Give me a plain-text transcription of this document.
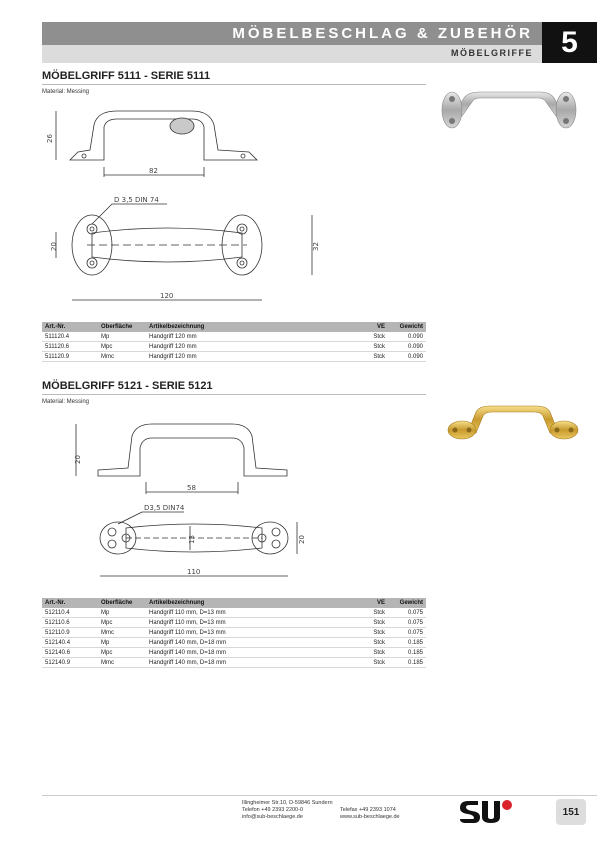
MÖBELBESCHLAG & ZUBEHÖR
MÖBELGRIFFE 5
MÖBELGRIFF 5111 - SERIE 5111
Material: Messing
26
82
D 3,5 DIN 74
20	32
120
Art.-Nr.	Oberfläche	Artikelbezeichnung	VE	Gewicht
511120.4	Mp	Handgriff 120 mm	Stck	0.090
511120.6	Mpc	Handgriff 120 mm	Stck	0.090
511120.9	Mmc	Handgriff 120 mm	Stck	0.090
MÖBELGRIFF 5121 - SERIE 5121
Material: Messing
20
58
D3,5 DIN74
13	20
110
Art.-Nr.	Oberfläche	Artikelbezeichnung	VE	Gewicht
512110.4	Mp	Handgriff 110 mm, D=13 mm	Stck	0.075
512110.6	Mpc	Handgriff 110 mm, D=13 mm	Stck	0.075
512110.9	Mmc	Handgriff 110 mm, D=13 mm	Stck	0.075
512140.4	Mp	Handgriff 140 mm, D=18 mm	Stck	0.185
512140.6	Mpc	Handgriff 140 mm, D=18 mm	Stck	0.185
512140.9	Mmc	Handgriff 140 mm, D=18 mm	Stck	0.185
Illingheimer Str.10, D-59846 Sundern
Telefon +49 2393 2200-0
info@sub-beschlaege.de
Telefax +49 2393 1074
www.sub-beschlaege.de	151
